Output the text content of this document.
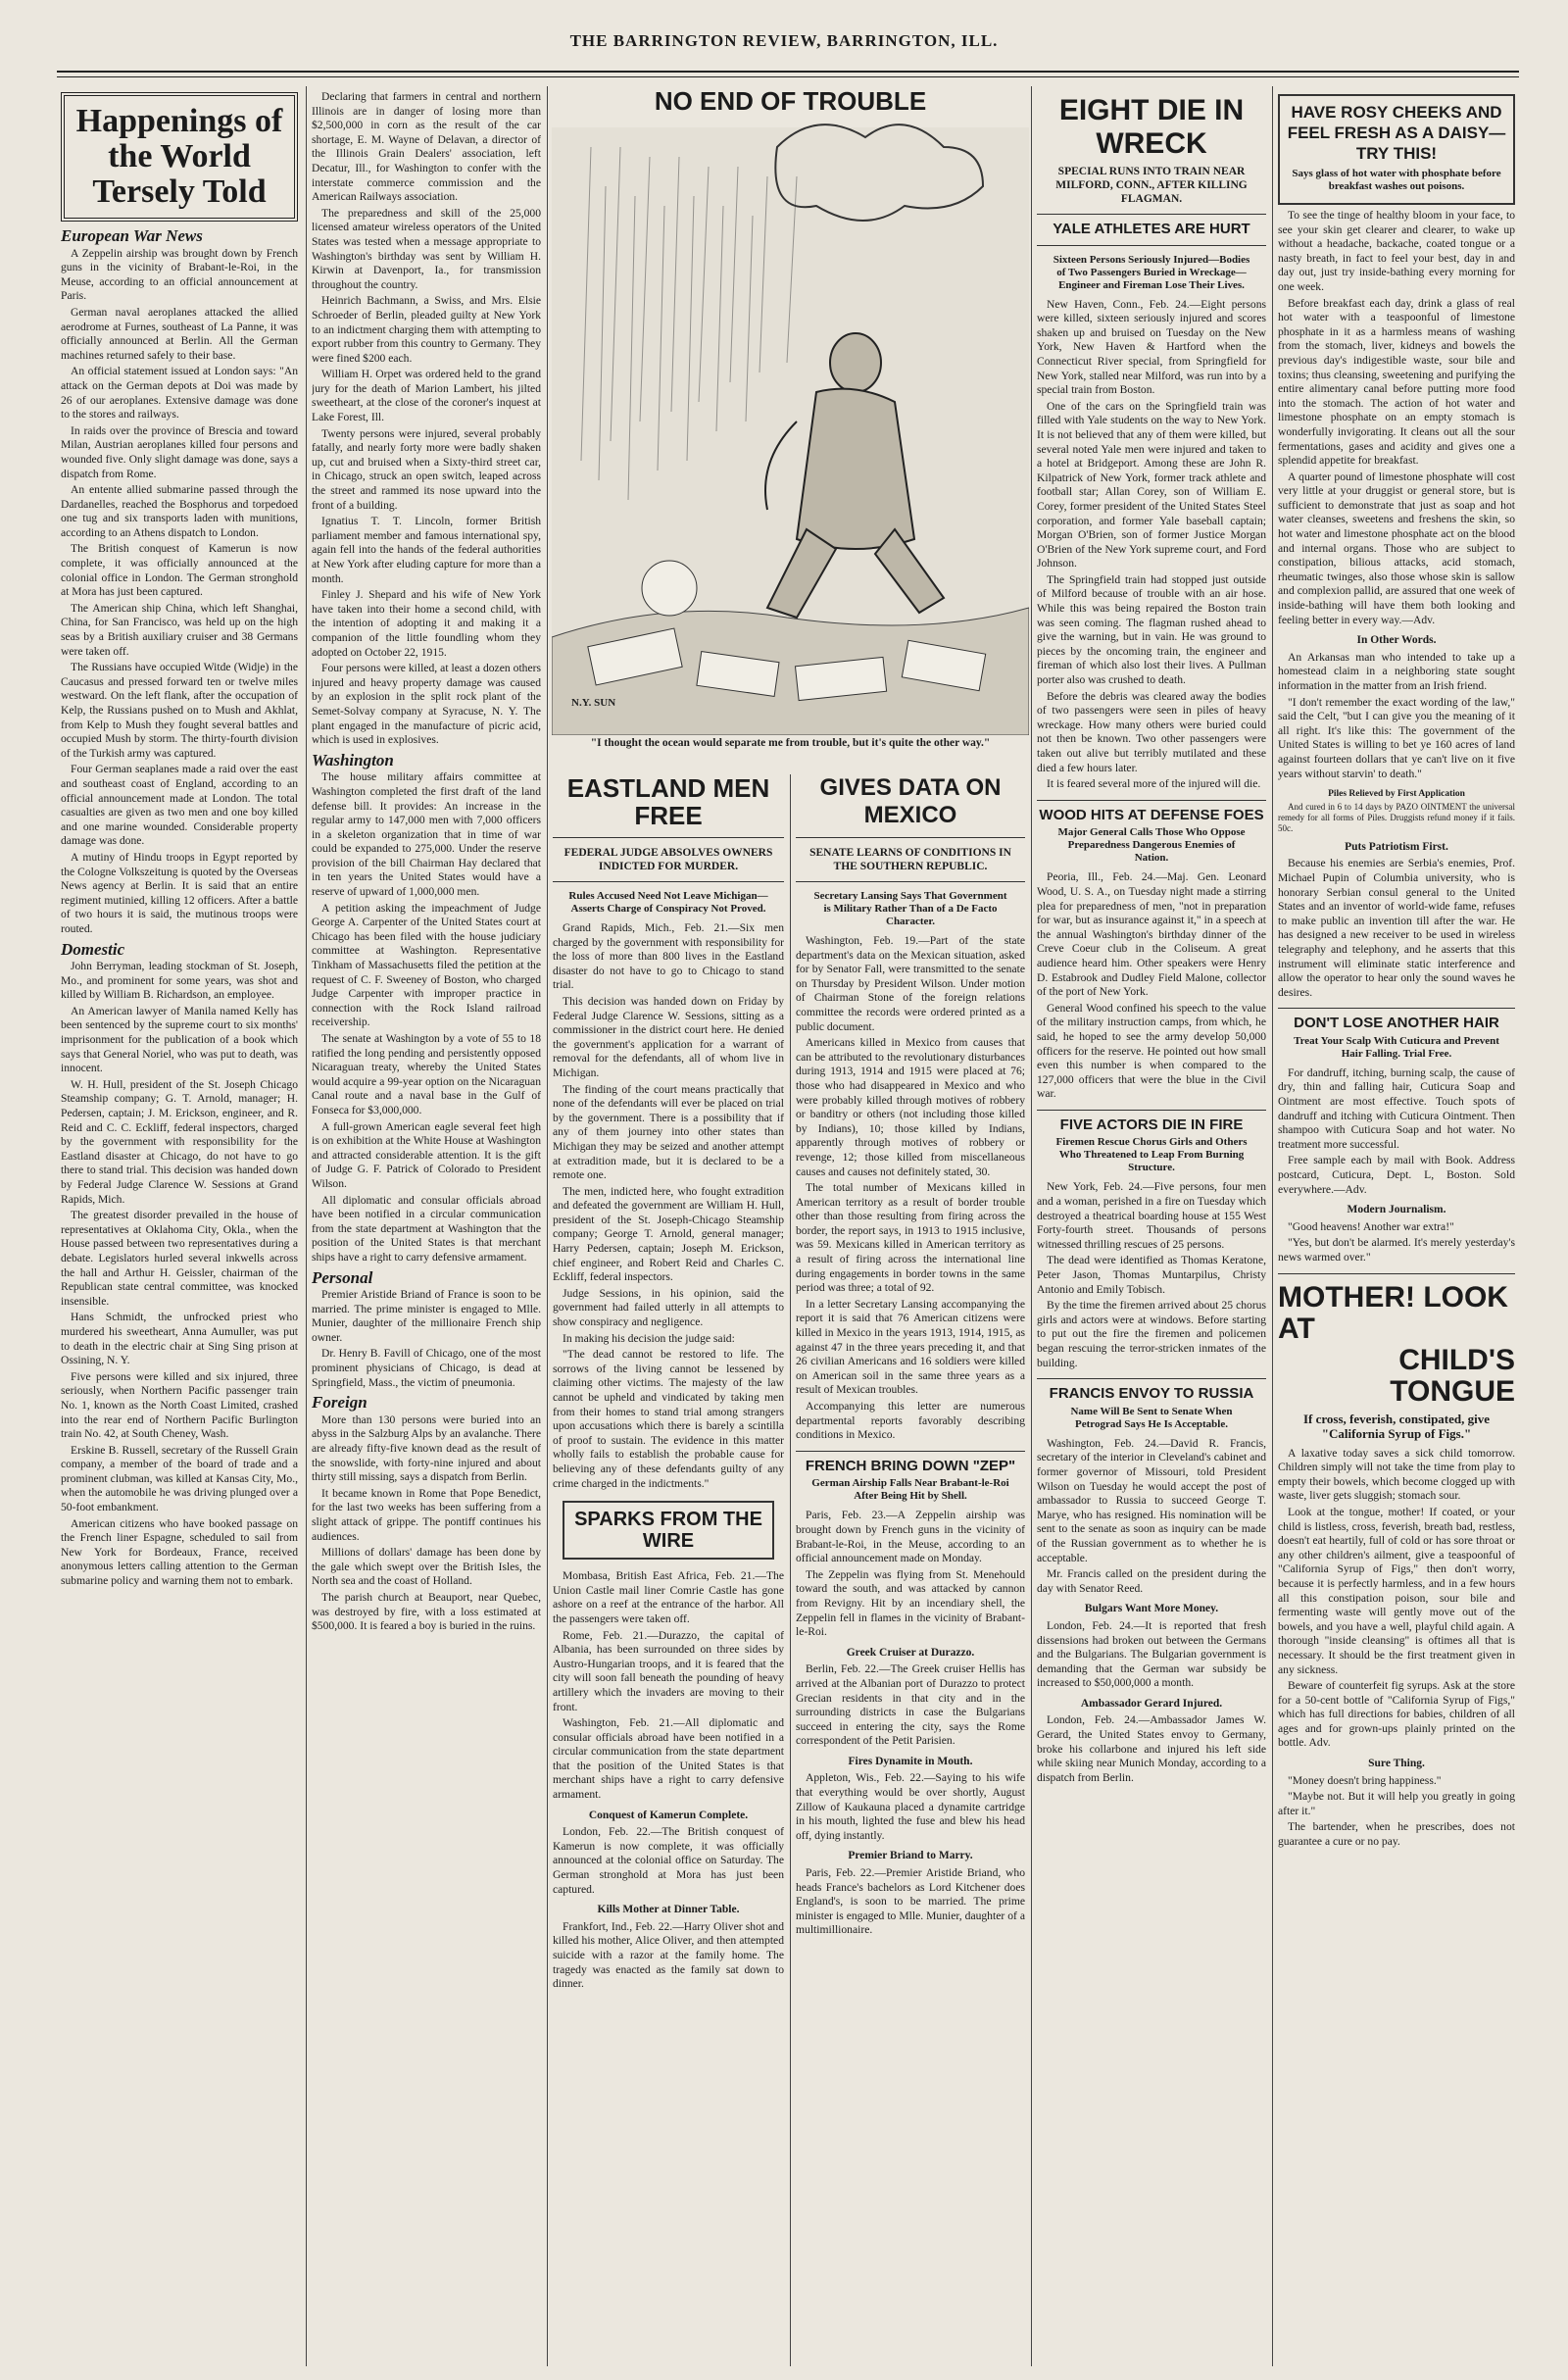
THE BARRINGTON REVIEW, BARRINGTON, ILL.
Happenings of the World Tersely Told
European War News

A Zeppelin airship was brought down by French guns in the vicinity of Brabant-le-Roi, in the Meuse, according to an official announcement at Paris.

German naval aeroplanes attacked the allied aerodrome at Furnes, southeast of La Panne, it was officially announced at Berlin. All the German machines returned safely to their base.

An official statement issued at London says: "An attack on the German depots at Doi was made by 26 of our aeroplanes. Extensive damage was done to the stores and railways.

In raids over the province of Brescia and toward Milan, Austrian aeroplanes killed four persons and wounded five. Only slight damage was done, says a dispatch from Rome.

An entente allied submarine passed through the Dardanelles, reached the Bosphorus and torpedoed one tug and six transports laden with munitions, according to an Athens dispatch to London.

The British conquest of Kamerun is now complete, it was officially announced at the colonial office in London. The German stronghold at Mora has just been captured.

The American ship China, which left Shanghai, China, for San Francisco, was held up on the high seas by a British auxiliary cruiser and 38 Germans were taken off.

The Russians have occupied Witde (Widje) in the Caucasus and pressed forward ten or twelve miles westward. On the left flank, after the occupation of Kelp, the Russians pushed on to Mush and Akhlat, from Kelp to Mush they fought several battles and occupied Mush by storm. The thirty-fourth division of the Turkish army was captured.

Four German seaplanes made a raid over the east and southeast coast of England, according to an official announcement made at London. The total casualties are given as two men and one boy killed and one marine wounded. Considerable property damage was done.

A mutiny of Hindu troops in Egypt reported by the Cologne Volkszeitung is quoted by the Overseas News agency at Berlin. It is said that an entire regiment mutinied, killing 12 officers. After a battle of two hours it is said, the mutinous troops were routed.

Domestic

John Berryman, leading stockman of St. Joseph, Mo., and prominent for some years, was shot and killed by William B. Richardson, an employee.

An American lawyer of Manila named Kelly has been sentenced by the supreme court to six months' imprisonment for the publication of a book which says that General Noriel, who was put to death, was innocent.

W. H. Hull, president of the St. Joseph Chicago Steamship company; G. T. Arnold, manager; H. Pedersen, captain; J. M. Erickson, engineer, and R. Reid and C. C. Eckliff, federal inspectors, charged by the government with responsibility for the Eastland disaster at Chicago, do not have to go there to stand trial. This decision was handed down by Federal Judge Clarence W. Sessions at Grand Rapids, Mich.

The greatest disorder prevailed in the house of representatives at Oklahoma City, Okla., when the House passed between two representatives during a debate. Legislators hurled several inkwells across the hall and Arthur H. Geissler, chairman of the Republican state central committee, was knocked insensible.

Hans Schmidt, the unfrocked priest who murdered his sweetheart, Anna Aumuller, was put to death in the electric chair at Sing Sing prison at Ossining, N. Y.

Five persons were killed and six injured, three seriously, when Northern Pacific passenger train No. 1, known as the North Coast Limited, crashed into the rear end of Northern Pacific Burlington train No. 42, at South Cheney, Wash.

Erskine B. Russell, secretary of the Russell Grain company, a member of the board of trade and a prominent clubman, was killed at Kansas City, Mo., when the automobile he was driving plunged over a 50-foot embankment.

American citizens who have booked passage on the French liner Espagne, scheduled to sail from New York for Bordeaux, France, received anonymous letters calling attention to the German submarine policy and warning them not to embark.

Declaring that farmers in central and northern Illinois are in danger of losing more than $2,500,000 in corn as the result of the car shortage, E. M. Wayne of Delavan, a director of the Illinois Grain Dealers' association, left Decatur, Ill., for Washington to confer with the interstate commerce commission and the American Railways association.

The preparedness and skill of the 25,000 licensed amateur wireless operators of the United States was tested when a message appropriate to Washington's birthday was sent by William H. Kirwin at Davenport, Ia., for transmission throughout the country.

Heinrich Bachmann, a Swiss, and Mrs. Elsie Schroeder of Berlin, pleaded guilty at New York to an indictment charging them with attempting to export rubber from this country to Germany. They were fined $200 each.

William H. Orpet was ordered held to the grand jury for the death of Marion Lambert, his jilted sweetheart, at the close of the coroner's inquest at Lake Forest, Ill.

Twenty persons were injured, several probably fatally, and nearly forty more were badly shaken up, cut and bruised when a Sixty-third street car, in Chicago, struck an open switch, leaped across the street and rammed its nose upward into the front of a building.

Ignatius T. T. Lincoln, former British parliament member and famous international spy, again fell into the hands of the federal authorities at New York after eluding capture for more than a month.

Finley J. Shepard and his wife of New York have taken into their home a second child, with the intention of adopting it and making it a companion of the little foundling whom they adopted on October 22, 1915.

Four persons were killed, at least a dozen others injured and heavy property damage was caused by an explosion in the split rock plant of the Semet-Solvay company at Syracuse, N. Y. The plant engaged in the manufacture of picric acid, which is used in explosives.

Washington

The house military affairs committee at Washington completed the first draft of the land defense bill. It provides: An increase in the regular army to 147,000 men with 7,000 officers in a skeleton organization that in time of war could be expanded to 275,000. Under the reserve provision of the bill Chairman Hay declared that in ten years the United States would have a reserve of upward of 1,000,000 men.

A petition asking the impeachment of Judge George A. Carpenter of the United States court at Chicago has been filed with the house judiciary committee at Washington. Representative Tinkham of Massachusetts filed the petition at the request of C. F. Sweeney of Boston, who charged Judge Carpenter with improper practice in connection with the Rock Island railroad receivership.

The senate at Washington by a vote of 55 to 18 ratified the long pending and persistently opposed Nicaraguan treaty, whereby the United States would acquire a 99-year option on the Nicaraguan Canal route and a naval base in the Gulf of Fonseca for $3,000,000.

A full-grown American eagle several feet high is on exhibition at the White House at Washington and attracted considerable attention. It is the gift of Judge G. F. Patrick of Colorado to President Wilson.

All diplomatic and consular officials abroad have been notified in a circular communication from the state department at Washington that the position of the United States is that merchant ships have a right to carry defensive armament.

Personal

Premier Aristide Briand of France is soon to be married. The prime minister is engaged to Mlle. Munier, daughter of the millionaire French ship owner.

Dr. Henry B. Favill of Chicago, one of the most prominent physicians of Chicago, is dead at Springfield, Mass., the victim of pneumonia.

Foreign

More than 130 persons were buried into an abyss in the Salzburg Alps by an avalanche. There are already fifty-five known dead as the result of the snowslide, with forty-nine injured and about thirty still missing, says a dispatch from Berlin.

It became known in Rome that Pope Benedict, for the last two weeks has been suffering from a slight attack of grippe. The pontiff continues his audiences.

Millions of dollars' damage has been done by the gale which swept over the British Isles, the North sea and the coast of Holland.

The parish church at Beauport, near Quebec, was destroyed by fire, with a loss estimated at $500,000. It is feared a boy is buried in the ruins.

NO END OF TROUBLE
N.Y. SUN
"I thought the ocean would separate me from trouble, but it's quite the other way."
EASTLAND MEN FREE
FEDERAL JUDGE ABSOLVES OWNERS INDICTED FOR MURDER.
Rules Accused Need Not Leave Michigan—Asserts Charge of Conspiracy Not Proved.

Grand Rapids, Mich., Feb. 21.—Six men charged by the government with responsibility for the loss of more than 800 lives in the Eastland disaster do not have to go to Chicago to stand trial.

This decision was handed down on Friday by Federal Judge Clarence W. Sessions, sitting as a commissioner in the district court here. He denied the government's application for a warrant of removal for the defendants, all of whom live in Michigan.

The finding of the court means practically that none of the defendants will ever be placed on trial by the government. There is a possibility that if any of them journey into other states than Michigan they may be seized and another attempt at extradition made, but it is declared to be a remote one.

The men, indicted here, who fought extradition and defeated the government are William H. Hull, president of the St. Joseph-Chicago Steamship company; George T. Arnold, general manager; Harry Pedersen, captain; Joseph M. Erickson, chief engineer, and Robert Reid and Charles C. Eckliff, federal inspectors.

Judge Sessions, in his opinion, said the government had failed utterly in all attempts to show conspiracy and negligence.

In making his decision the judge said:

"The dead cannot be restored to life. The sorrows of the living cannot be lessened by claiming other victims. The majesty of the law cannot be upheld and vindicated by taking men from their homes to stand trial among strangers upon accusations which there is barely a scintilla of proof to sustain. The evidence in this matter wholly fails to establish the probable cause for believing any of these defendants guilty of any crime charged in the indictments."

SPARKS FROM THE WIRE

Mombasa, British East Africa, Feb. 21.—The Union Castle mail liner Comrie Castle has gone ashore on a reef at the entrance of the harbor. All the passengers were taken off.

Rome, Feb. 21.—Durazzo, the capital of Albania, has been surrounded on three sides by Austro-Hungarian troops, and it is feared that the city will soon fall beneath the pounding of heavy artillery which the invaders are moving to their front.

Washington, Feb. 21.—All diplomatic and consular officials abroad have been notified in a circular communication from the state department that the position of the United States is that merchant ships have a right to carry defensive armament.

Conquest of Kamerun Complete.

London, Feb. 22.—The British conquest of Kamerun is now complete, it was officially announced at the colonial office on Saturday. The German stronghold at Mora has just been captured.

Kills Mother at Dinner Table.

Frankfort, Ind., Feb. 22.—Harry Oliver shot and killed his mother, Alice Oliver, and then attempted suicide with a razor at the family home. The tragedy was enacted as the family sat down to dinner.

GIVES DATA ON MEXICO
SENATE LEARNS OF CONDITIONS IN THE SOUTHERN REPUBLIC.
Secretary Lansing Says That Government is Military Rather Than of a De Facto Character.

Washington, Feb. 19.—Part of the state department's data on the Mexican situation, asked for by Senator Fall, were transmitted to the senate on Thursday by President Wilson. Under motion of Chairman Stone of the foreign relations committee the records were ordered printed as a public document.

Americans killed in Mexico from causes that can be attributed to the revolutionary disturbances during 1913, 1914 and 1915 were placed at 76; those who had disappeared in Mexico and who were probably killed through motives of robbery or banditry or others (not including those killed by Indians), 10; those killed by Indians, apparently through motives of robbery or revenge, 12; those killed from miscellaneous causes and causes not definitely stated, 30.

The total number of Mexicans killed in American territory as a result of border trouble other than those resulting from firing across the border, the report says, in 1913 to 1915 inclusive, was 59. Mexicans killed in American territory as a result of firing across the international line during engagements in border towns in the same period was three; a total of 92.

In a letter Secretary Lansing accompanying the report it is said that 76 American citizens were killed in Mexico in the years 1913, 1914, 1915, as against 47 in the three years preceding it, and that 26 civilian Americans and 16 soldiers were killed on American soil in the same three years as a result of Mexican troubles.

Accompanying this letter are numerous departmental reports favorably describing conditions in Mexico.

FRENCH BRING DOWN "ZEP"
German Airship Falls Near Brabant-le-Roi After Being Hit by Shell.

Paris, Feb. 23.—A Zeppelin airship was brought down by French guns in the vicinity of Brabant-le-Roi, in the Meuse, according to an official announcement made on Monday.

The Zeppelin was flying from St. Menehould toward the south, and was attacked by cannon from Revigny. Hit by an incendiary shell, the Zeppelin fell in flames in the vicinity of Brabant-le-Roi.

Greek Cruiser at Durazzo.

Berlin, Feb. 22.—The Greek cruiser Hellis has arrived at the Albanian port of Durazzo to protect Grecian residents in that city and in the surrounding districts in case the Bulgarians succeed in entering the city, says the Rome correspondent of the Petit Parisien.

Fires Dynamite in Mouth.

Appleton, Wis., Feb. 22.—Saying to his wife that everything would be over shortly, August Zillow of Kaukauna placed a dynamite cartridge in his mouth, lighted the fuse and blew his head off, dying instantly.

Premier Briand to Marry.

Paris, Feb. 22.—Premier Aristide Briand, who heads France's bachelors as Lord Kitchener does England's, is soon to be married. The prime minister is engaged to Mlle. Munier, daughter of a multimillionaire.

EIGHT DIE IN WRECK
SPECIAL RUNS INTO TRAIN NEAR MILFORD, CONN., AFTER KILLING FLAGMAN.
YALE ATHLETES ARE HURT
Sixteen Persons Seriously Injured—Bodies of Two Passengers Buried in Wreckage—Engineer and Fireman Lose Their Lives.

New Haven, Conn., Feb. 24.—Eight persons were killed, sixteen seriously injured and scores shaken up and bruised on Tuesday on the New York, New Haven & Hartford when the Connecticut River special, from Springfield for New York, stalled near Milford, was run into by a special train from Boston.

One of the cars on the Springfield train was filled with Yale students on the way to New York. It is not believed that any of them were killed, but several noted Yale men were injured and taken to a hotel at Bridgeport. Among these are John R. Kilpatrick of New York, former track athlete and football star; Allan Corey, son of William E. Corey, former president of the United States Steel corporation, and former Yale baseball captain; Morgan O'Brien, son of former Justice Morgan O'Brien of the New York supreme court, and Ford Johnson.

The Springfield train had stopped just outside of Milford because of trouble with an air hose. While this was being repaired the Boston train was seen coming. The flagman rushed ahead to give the warning, but in vain. He was ground to pieces by the oncoming train, the engineer and fireman of which also lost their lives. A Pullman porter also was crushed to death.

Before the debris was cleared away the bodies of two passengers were seen in piles of heavy wreckage. How many others were buried could not then be known. Two other passengers were taken out alive but terribly mutilated and these died a few hours later.

It is feared several more of the injured will die.

WOOD HITS AT DEFENSE FOES
Major General Calls Those Who Oppose Preparedness Dangerous Enemies of Nation.

Peoria, Ill., Feb. 24.—Maj. Gen. Leonard Wood, U. S. A., on Tuesday night made a stirring plea for preparedness of men, "not in preparation for war, but as insurance against it," in a speech at the annual Washington's birthday dinner of the Creve Coeur club in the Coliseum. A great audience heard him. Other speakers were Henry D. Estabrook and Dudley Field Malone, collector of the port of New York.

General Wood confined his speech to the value of the military instruction camps, from which, he said, he hoped to see the army develop 50,000 officers for the reserve. He pointed out how small even this number is when compared to the 127,000 officers that were the blue in the Civil war.

FIVE ACTORS DIE IN FIRE
Firemen Rescue Chorus Girls and Others Who Threatened to Leap From Burning Structure.

New York, Feb. 24.—Five persons, four men and a woman, perished in a fire on Tuesday which destroyed a theatrical boarding house at 155 West Forty-fourth street. Thousands of persons witnessed thrilling rescues of 25 persons.

The dead were identified as Thomas Keratone, Peter Jason, Thomas Muntarpilus, Christy Antonio and Emily Tobisch.

By the time the firemen arrived about 25 chorus girls and actors were at windows. Before starting to put out the fire the firemen and policemen began rescuing the terror-stricken inmates of the building.

FRANCIS ENVOY TO RUSSIA
Name Will Be Sent to Senate When Petrograd Says He Is Acceptable.

Washington, Feb. 24.—David R. Francis, secretary of the interior in Cleveland's cabinet and former governor of Missouri, told President Wilson on Tuesday he would accept the post of ambassador to Russia to succeed George T. Marye, who has resigned. His nomination will be sent to the senate as soon as inquiry can be made of the Russian government as to whether he is acceptable.

Mr. Francis called on the president during the day with Senator Reed.

Bulgars Want More Money.

London, Feb. 24.—It is reported that fresh dissensions had broken out between the Germans and the Bulgarians. The Bulgarian government is demanding that the German war subsidy be increased to $50,000,000 a month.

Ambassador Gerard Injured.

London, Feb. 24.—Ambassador James W. Gerard, the United States envoy to Germany, broke his collarbone and injured his left side while skiing near Munich Monday, according to a dispatch from Berlin.

HAVE ROSY CHEEKS AND FEEL FRESH AS A DAISY—TRY THIS!
Says glass of hot water with phosphate before breakfast washes out poisons.

To see the tinge of healthy bloom in your face, to see your skin get clearer and clearer, to wake up without a headache, backache, coated tongue or a nasty breath, in fact to feel your best, day in and day out, just try inside-bathing every morning for one week.

Before breakfast each day, drink a glass of real hot water with a teaspoonful of limestone phosphate in it as a harmless means of washing from the stomach, liver, kidneys and bowels the previous day's indigestible waste, sour bile and toxins; thus cleansing, sweetening and purifying the entire alimentary canal before putting more food into the stomach. The action of hot water and limestone phosphate on an empty stomach is wonderfully invigorating. It cleans out all the sour fermentations, gases and acidity and gives one a splendid appetite for breakfast.

A quarter pound of limestone phosphate will cost very little at your druggist or general store, but is sufficient to demonstrate that just as soap and hot water cleanses, sweetens and freshens the skin, so hot water and limestone phosphate act on the blood and internal organs. Those who are subject to constipation, bilious attacks, acid stomach, rheumatic twinges, also those whose skin is sallow and complexion pallid, are assured that one week of inside-bathing will have them both looking and feeling better in every way.—Adv.

In Other Words.

An Arkansas man who intended to take up a homestead claim in a neighboring state sought information in the matter from an Irish friend.

"I don't remember the exact wording of the law," said the Celt, "but I can give you the meaning of it all right. It's like this: The government of the United States is willing to bet ye 160 acres of land against fourteen dollars that ye can't live on it five years without starvin' to death."

Piles Relieved by First Application

And cured in 6 to 14 days by PAZO OINTMENT the universal remedy for all forms of Piles. Druggists refund money if it fails. 50c.

Puts Patriotism First.

Because his enemies are Serbia's enemies, Prof. Michael Pupin of Columbia university, who is honorary Serbian consul general to the United States and an inventor of world-wide fame, refuses to make public an invention till after the war. He has designed a new receiver to be used in wireless telegraphy and telephony, and he asserts that this instrument will eliminate static interference and allow the operator to hear only the sound waves he desires.

DON'T LOSE ANOTHER HAIR
Treat Your Scalp With Cuticura and Prevent Hair Falling. Trial Free.

For dandruff, itching, burning scalp, the cause of dry, thin and falling hair, Cuticura Soap and Ointment are most effective. Touch spots of dandruff and itching with Cuticura Ointment. Then shampoo with Cuticura Soap and hot water. No treatment more successful.

Free sample each by mail with Book. Address postcard, Cuticura, Dept. L, Boston. Sold everywhere.—Adv.

Modern Journalism.

"Good heavens! Another war extra!"

"Yes, but don't be alarmed. It's merely yesterday's news warmed over."

MOTHER! LOOK AT
CHILD'S TONGUE
If cross, feverish, constipated, give "California Syrup of Figs."

A laxative today saves a sick child tomorrow. Children simply will not take the time from play to empty their bowels, which become clogged up with waste, liver gets sluggish; stomach sour.

Look at the tongue, mother! If coated, or your child is listless, cross, feverish, breath bad, restless, doesn't eat heartily, full of cold or has sore throat or any other children's ailment, give a teaspoonful of "California Syrup of Figs," then don't worry, because it is perfectly harmless, and in a few hours all this constipation poison, sour bile and fermenting waste will gently move out of the bowels, and you have a well, playful child again. A thorough "inside cleansing" is oftimes all that is necessary. It should be the first treatment given in any sickness.

Beware of counterfeit fig syrups. Ask at the store for a 50-cent bottle of "California Syrup of Figs," which has full directions for babies, children of all ages and for grown-ups plainly printed on the bottle. Adv.

Sure Thing.

"Money doesn't bring happiness."

"Maybe not. But it will help you greatly in going after it."

The bartender, when he prescribes, does not guarantee a cure or no pay.
